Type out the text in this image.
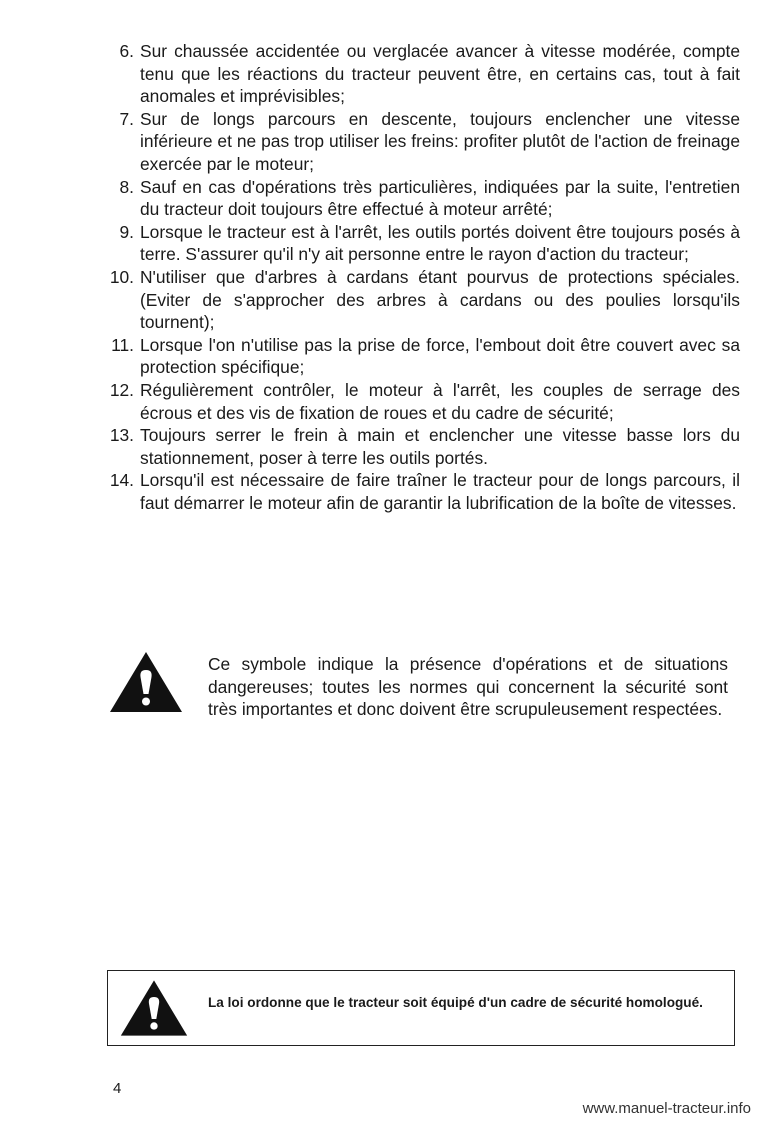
6. Sur chaussée accidentée ou verglacée avancer à vitesse modérée, compte tenu que les réactions du tracteur peuvent être, en certains cas, tout à fait anomales et imprévisibles;
7. Sur de longs parcours en descente, toujours enclencher une vitesse inférieure et ne pas trop utiliser les freins: profiter plutôt de l'action de freinage exercée par le moteur;
8. Sauf en cas d'opérations très particulières, indiquées par la suite, l'entretien du tracteur doit toujours être effectué à moteur arrêté;
9. Lorsque le tracteur est à l'arrêt, les outils portés doivent être toujours posés à terre. S'assurer qu'il n'y ait personne entre le rayon d'action du tracteur;
10. N'utiliser que d'arbres à cardans étant pourvus de protections spéciales. (Eviter de s'approcher des arbres à cardans ou des poulies lorsqu'ils tournent);
11. Lorsque l'on n'utilise pas la prise de force, l'embout doit être couvert avec sa protection spécifique;
12. Régulièrement contrôler, le moteur à l'arrêt, les couples de serrage des écrous et des vis de fixation de roues et du cadre de sécurité;
13. Toujours serrer le frein à main et enclencher une vitesse basse lors du stationnement, poser à terre les outils portés.
14. Lorsqu'il est nécessaire de faire traîner le tracteur pour de longs parcours, il faut démarrer le moteur afin de garantir la lubrification de la boîte de vitesses.
Ce symbole indique la présence d'opérations et de situations dangereuses; toutes les normes qui concernent la sécurité sont très importantes et donc doivent être scrupuleusement respectées.
La loi ordonne que le tracteur soit équipé d'un cadre de sécurité homologué.
4
www.manuel-tracteur.info
